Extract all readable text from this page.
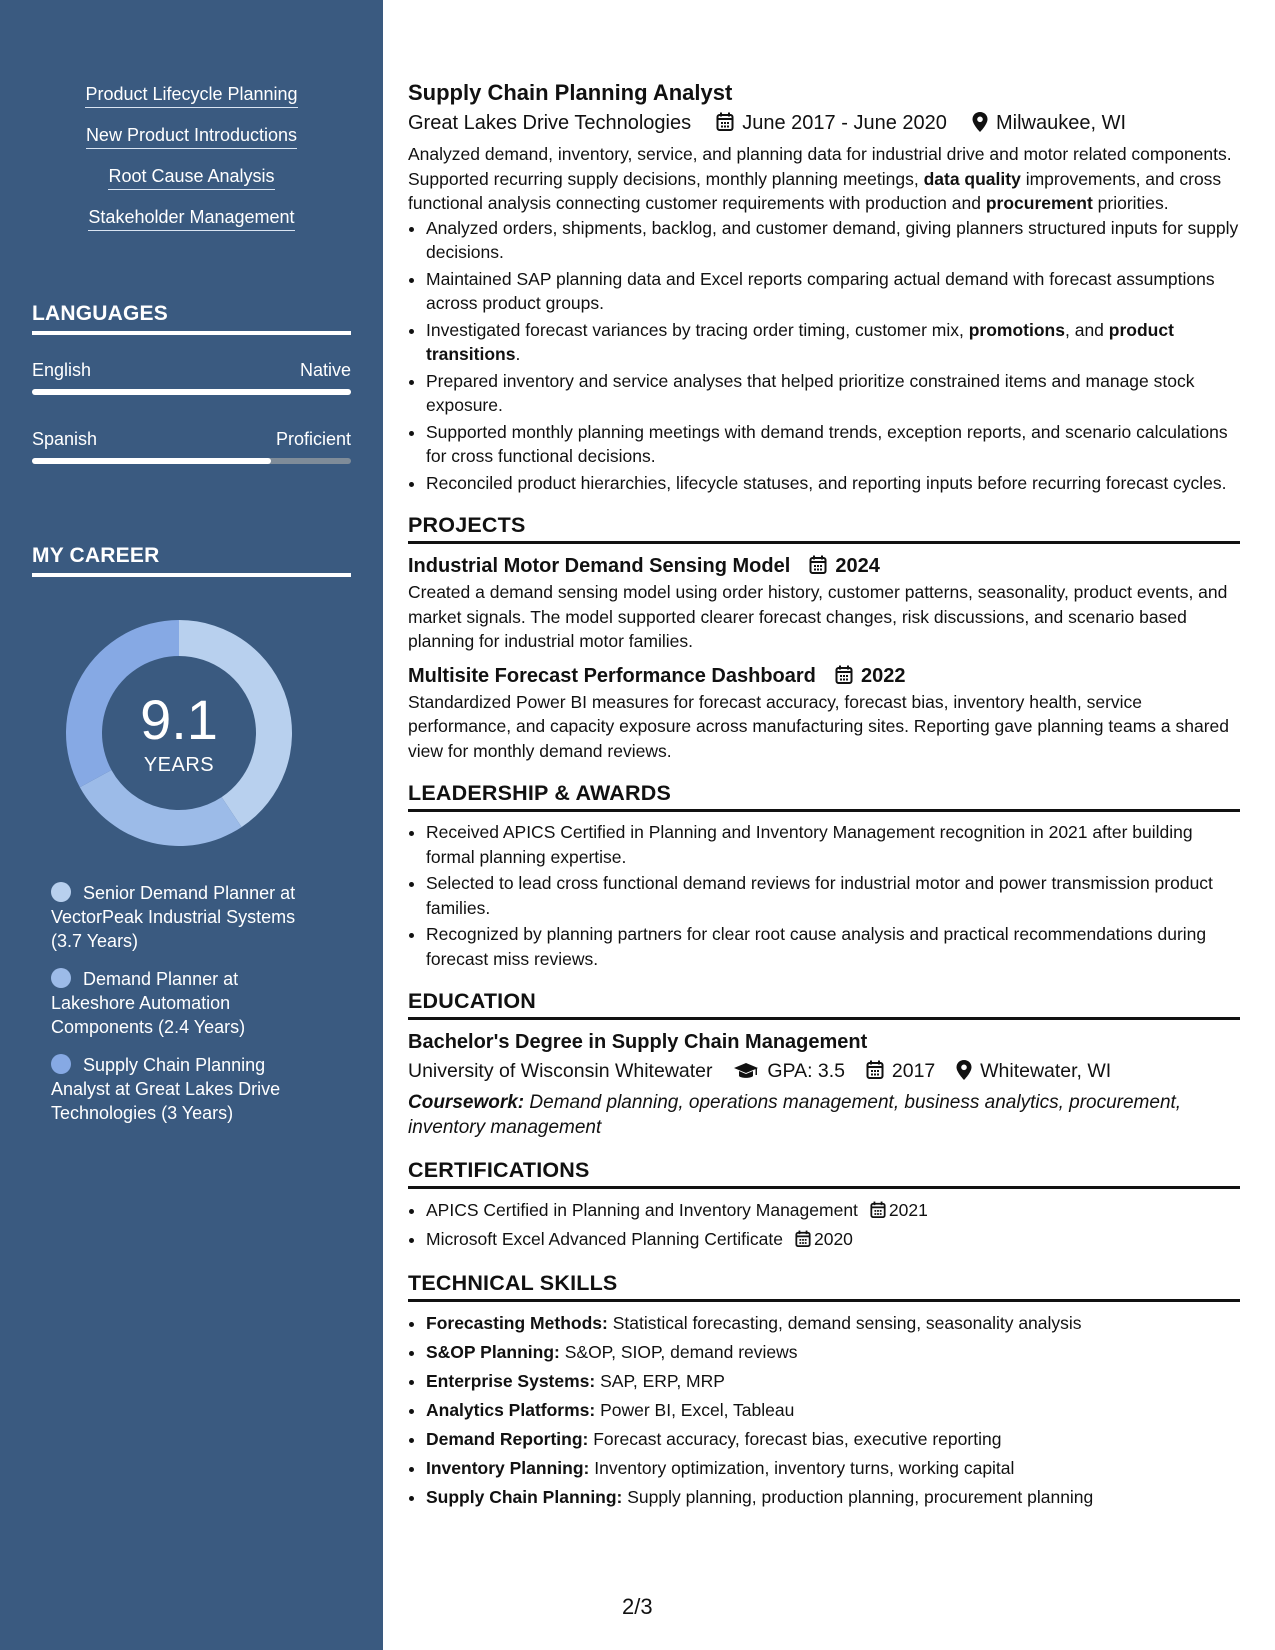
Product Lifecycle Planning
New Product Introductions
Root Cause Analysis
Stakeholder Management
LANGUAGES
English	Native
Spanish	Proficient
MY CAREER
9.1
YEARS
Senior Demand Planner at VectorPeak Industrial Systems (3.7 Years)
Demand Planner at Lakeshore Automation Components (2.4 Years)
Supply Chain Planning Analyst at Great Lakes Drive Technologies (3 Years)
Supply Chain Planning Analyst
Great Lakes Drive Technologies	June 2017 - June 2020 Milwaukee, WI

Analyzed demand, inventory, service, and planning data for industrial drive and motor related components. Supported recurring supply decisions, monthly planning meetings, data quality improvements, and cross functional analysis connecting customer requirements with production and procurement priorities.

• Analyzed orders, shipments, backlog, and customer demand, giving planners structured inputs for supply decisions.
• Maintained SAP planning data and Excel reports comparing actual demand with forecast assumptions across product groups.
• Investigated forecast variances by tracing order timing, customer mix, promotions, and product transitions.
• Prepared inventory and service analyses that helped prioritize constrained items and manage stock exposure.
• Supported monthly planning meetings with demand trends, exception reports, and scenario calculations for cross functional decisions.
• Reconciled product hierarchies, lifecycle statuses, and reporting inputs before recurring forecast cycles.
PROJECTS
Industrial Motor Demand Sensing Model 2024

Created a demand sensing model using order history, customer patterns, seasonality, product events, and market signals. The model supported clearer forecast changes, risk discussions, and scenario based planning for industrial motor families.

Multisite Forecast Performance Dashboard 2022

Standardized Power BI measures for forecast accuracy, forecast bias, inventory health, service performance, and capacity exposure across manufacturing sites. Reporting gave planning teams a shared view for monthly demand reviews.

LEADERSHIP & AWARDS
• Received APICS Certified in Planning and Inventory Management recognition in 2021 after building formal planning expertise.
• Selected to lead cross functional demand reviews for industrial motor and power transmission product families.
• Recognized by planning partners for clear root cause analysis and practical recommendations during forecast miss reviews.
EDUCATION
Bachelor's Degree in Supply Chain Management
University of Wisconsin Whitewater	GPA: 3.5 2017 Whitewater, WI
Coursework: Demand planning, operations management, business analytics, procurement, inventory management
CERTIFICATIONS
• APICS Certified in Planning and Inventory Management 2021
• Microsoft Excel Advanced Planning Certificate 2020
TECHNICAL SKILLS
• Forecasting Methods: Statistical forecasting, demand sensing, seasonality analysis
• S&OP Planning: S&OP, SIOP, demand reviews
• Enterprise Systems: SAP, ERP, MRP
• Analytics Platforms: Power BI, Excel, Tableau
• Demand Reporting: Forecast accuracy, forecast bias, executive reporting
• Inventory Planning: Inventory optimization, inventory turns, working capital
• Supply Chain Planning: Supply planning, production planning, procurement planning
2/3
